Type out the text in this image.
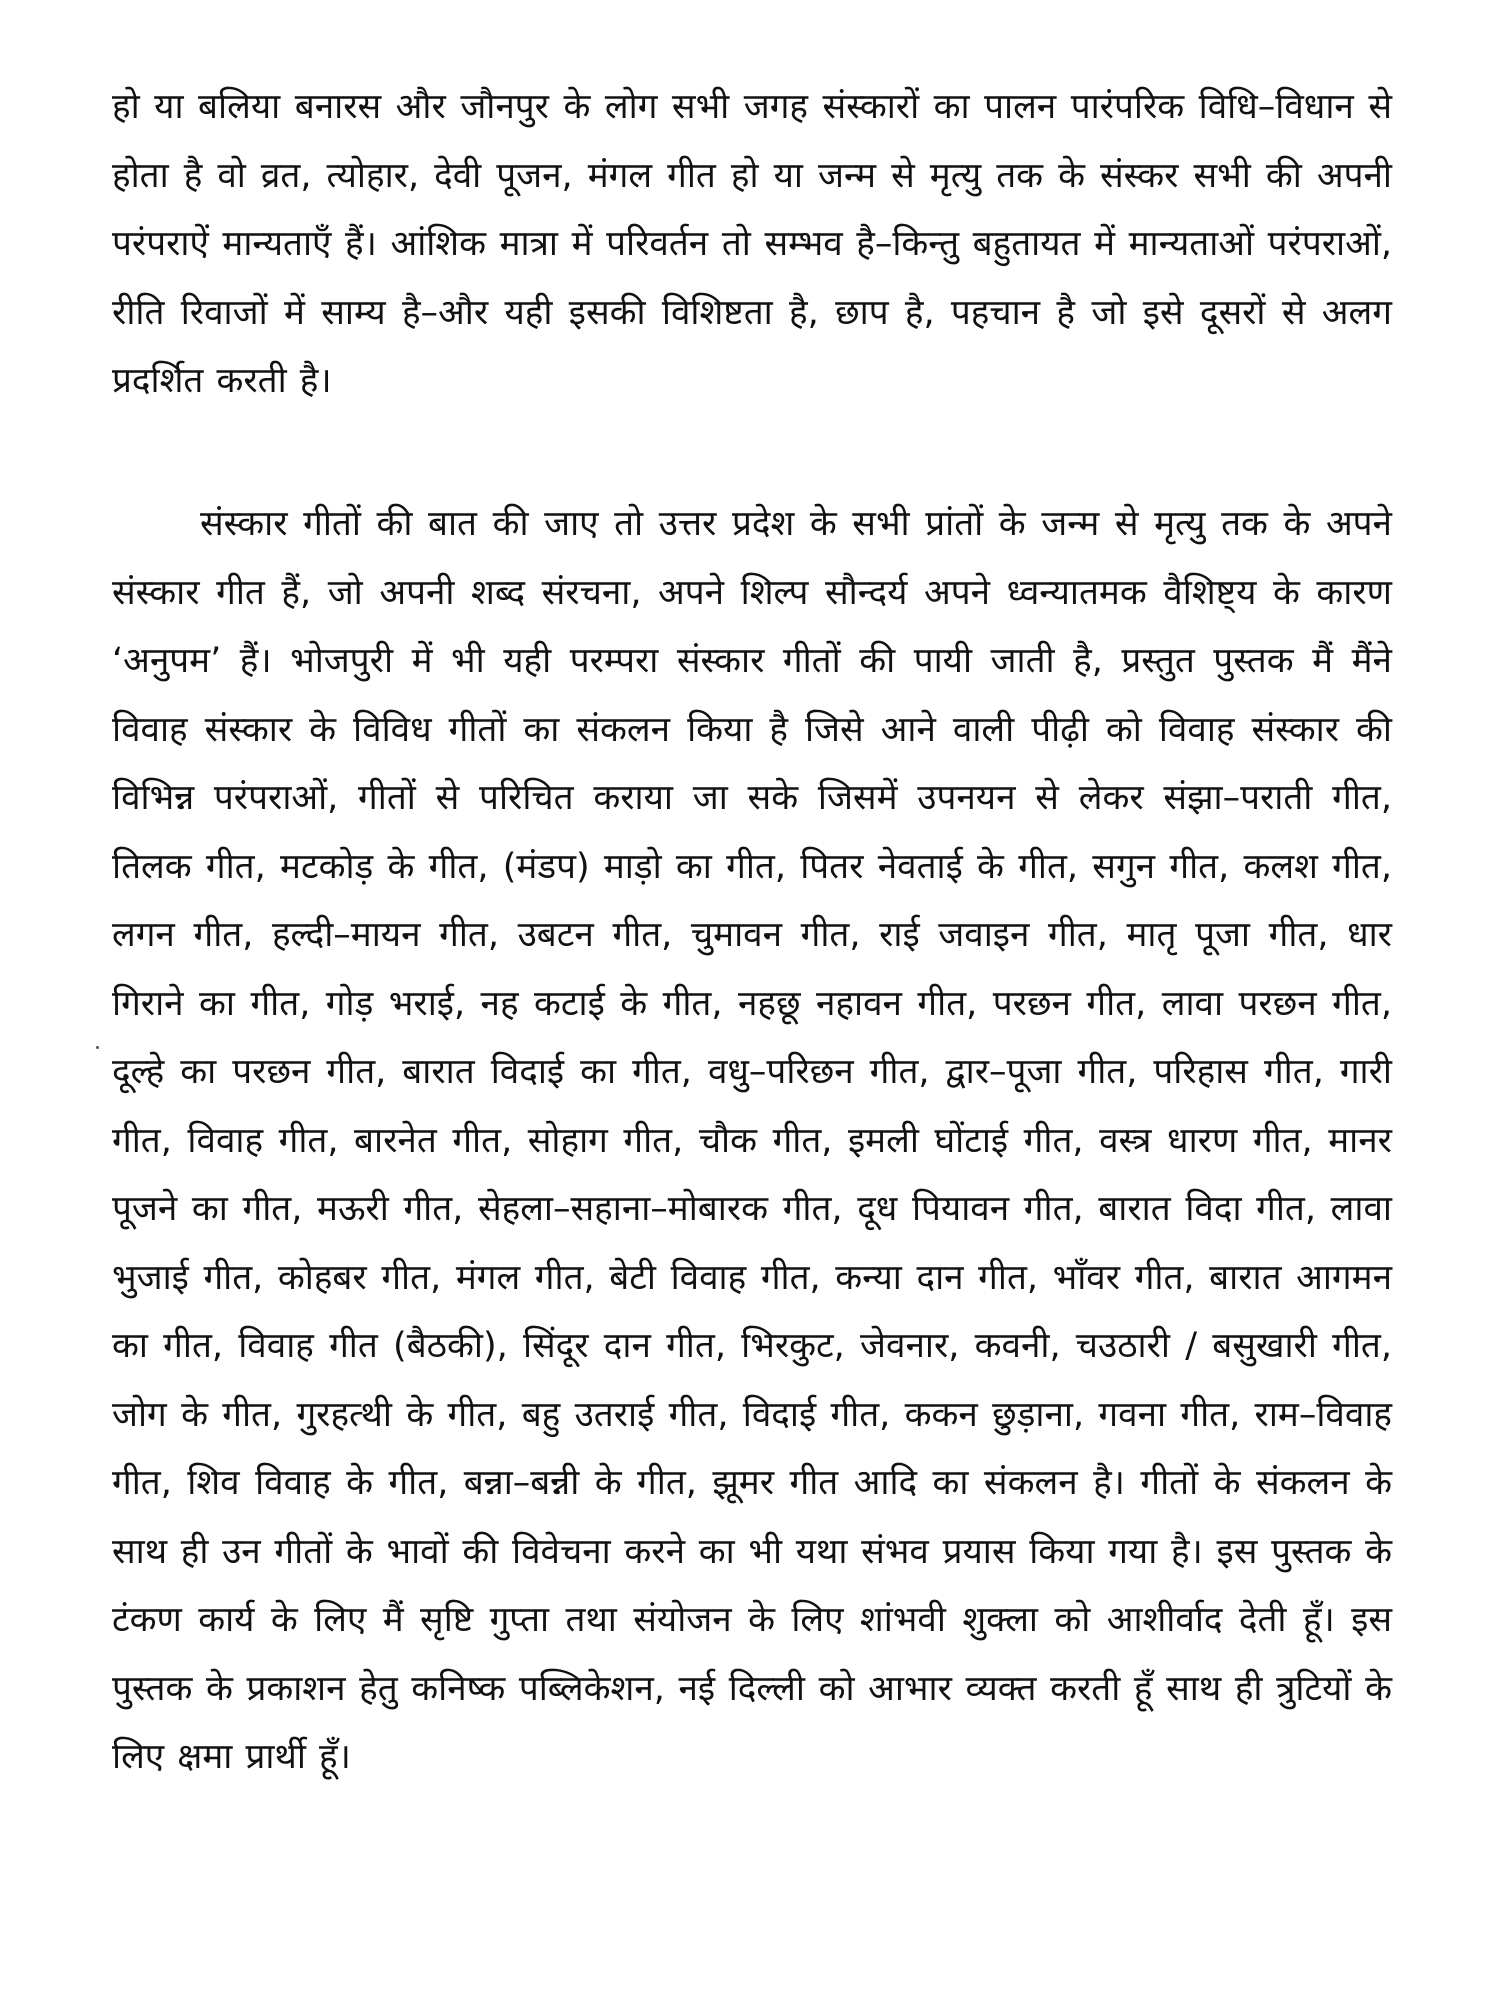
हो या बलिया बनारस और जौनपुर के लोग सभी जगह संस्कारों का पालन पारंपरिक विधि–विधान से होता है वो व्रत, त्योहार, देवी पूजन, मंगल गीत हो या जन्म से मृत्यु तक के संस्कर सभी की अपनी परंपराऐं मान्यताएँ हैं। आंशिक मात्रा में परिवर्तन तो सम्भव है–किन्तु बहुतायत में मान्यताओं परंपराओं, रीति रिवाजों में साम्य है–और यही इसकी विशिष्टता है, छाप है, पहचान है जो इसे दूसरों से अलग प्रदर्शित करती है।

संस्कार गीतों की बात की जाए तो उत्तर प्रदेश के सभी प्रांतों के जन्म से मृत्यु तक के अपने संस्कार गीत हैं, जो अपनी शब्द संरचना, अपने शिल्प सौन्दर्य अपने ध्वन्यातमक वैशिष्ट्य के कारण ‘अनुपम’ हैं। भोजपुरी में भी यही परम्परा संस्कार गीतों की पायी जाती है, प्रस्तुत पुस्तक मैं मैंने विवाह संस्कार के विविध गीतों का संकलन किया है जिसे आने वाली पीढ़ी को विवाह संस्कार की विभिन्न परंपराओं, गीतों से परिचित कराया जा सके जिसमें उपनयन से लेकर संझा–पराती गीत, तिलक गीत, मटकोड़ के गीत, (मंडप) माड़ो का गीत, पितर नेवताई के गीत, सगुन गीत, कलश गीत, लगन गीत, हल्दी–मायन गीत, उबटन गीत, चुमावन गीत, राई जवाइन गीत, मातृ पूजा गीत, धार गिराने का गीत, गोड़ भराई, नह कटाई के गीत, नहछू नहावन गीत, परछन गीत, लावा परछन गीत, दूल्हे का परछन गीत, बारात विदाई का गीत, वधु–परिछन गीत, द्वार–पूजा गीत, परिहास गीत, गारी गीत, विवाह गीत, बारनेत गीत, सोहाग गीत, चौक गीत, इमली घोंटाई गीत, वस्त्र धारण गीत, मानर पूजने का गीत, मऊरी गीत, सेहला–सहाना–मोबारक गीत, दूध पियावन गीत, बारात विदा गीत, लावा भुजाई गीत, कोहबर गीत, मंगल गीत, बेटी विवाह गीत, कन्या दान गीत, भाँवर गीत, बारात आगमन का गीत, विवाह गीत (बैठकी), सिंदूर दान गीत, भिरकुट, जेवनार, कवनी, चउठारी / बसुखारी गीत, जोग के गीत, गुरहत्थी के गीत, बहु उतराई गीत, विदाई गीत, ककन छुड़ाना, गवना गीत, राम–विवाह गीत, शिव विवाह के गीत, बन्ना–बन्नी के गीत, झूमर गीत आदि का संकलन है। गीतों के संकलन के साथ ही उन गीतों के भावों की विवेचना करने का भी यथा संभव प्रयास किया गया है। इस पुस्तक के टंकण कार्य के लिए मैं सृष्टि गुप्ता तथा संयोजन के लिए शांभवी शुक्ला को आशीर्वाद देती हूँ। इस पुस्तक के प्रकाशन हेतु कनिष्क पब्लिकेशन, नई दिल्ली को आभार व्यक्त करती हूँ साथ ही त्रुटियों के लिए क्षमा प्रार्थी हूँ।
